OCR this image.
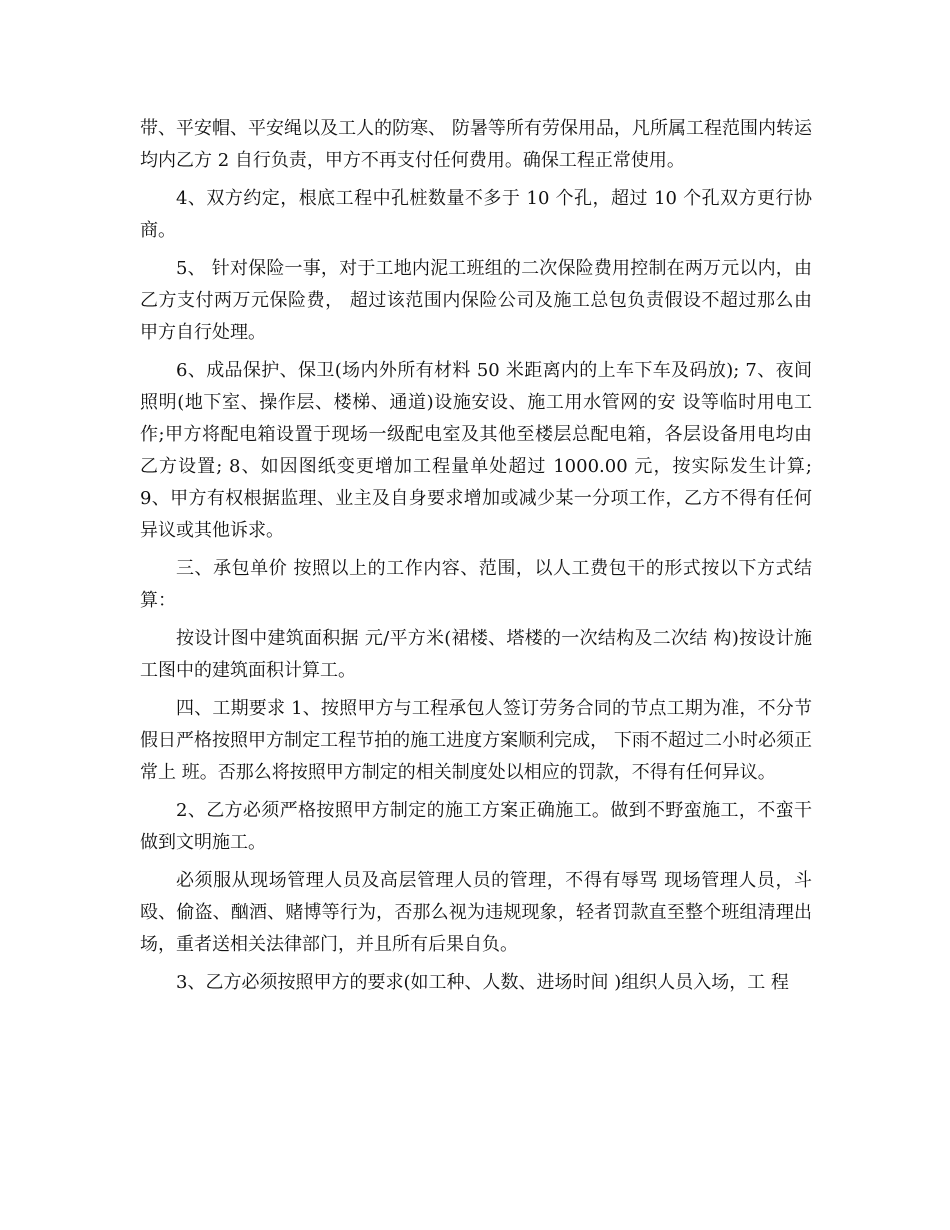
带、平安帽、平安绳以及工人的防寒、 防暑等所有劳保用品，凡所属工程范围内转运均内乙方 2 自行负责，甲方不再支付任何费用。确保工程正常使用。

4、双方约定，根底工程中孔桩数量不多于 10 个孔，超过 10 个孔双方更行协商。

5、 针对保险一事，对于工地内泥工班组的二次保险费用控制在两万元以内，由乙方支付两万元保险费， 超过该范围内保险公司及施工总包负责假设不超过那么由 甲方自行处理。

6、成品保护、保卫(场内外所有材料 50 米距离内的上车下车及码放); 7、夜间照明(地下室、操作层、楼梯、通道)设施安设、施工用水管网的安 设等临时用电工作;甲方将配电箱设置于现场一级配电室及其他至楼层总配电箱，各层设备用电均由乙方设置; 8、如因图纸变更增加工程量单处超过 1000.00 元，按实际发生计算; 9、甲方有权根据监理、业主及自身要求增加或减少某一分项工作，乙方不得有任何异议或其他诉求。

三、承包单价 按照以上的工作内容、范围，以人工费包干的形式按以下方式结算：

按设计图中建筑面积据 元/平方米(裙楼、塔楼的一次结构及二次结 构)按设计施工图中的建筑面积计算工。

四、工期要求 1、按照甲方与工程承包人签订劳务合同的节点工期为准，不分节假日严格按照甲方制定工程节拍的施工进度方案顺利完成， 下雨不超过二小时必须正常上 班。否那么将按照甲方制定的相关制度处以相应的罚款，不得有任何异议。

2、乙方必须严格按照甲方制定的施工方案正确施工。做到不野蛮施工，不蛮干做到文明施工。

必须服从现场管理人员及高层管理人员的管理，不得有辱骂 现场管理人员，斗殴、偷盗、酗酒、赌博等行为，否那么视为违规现象，轻者罚款直至整个班组清理出场，重者送相关法律部门，并且所有后果自负。

3、乙方必须按照甲方的要求(如工种、人数、进场时间 )组织人员入场，工 程
